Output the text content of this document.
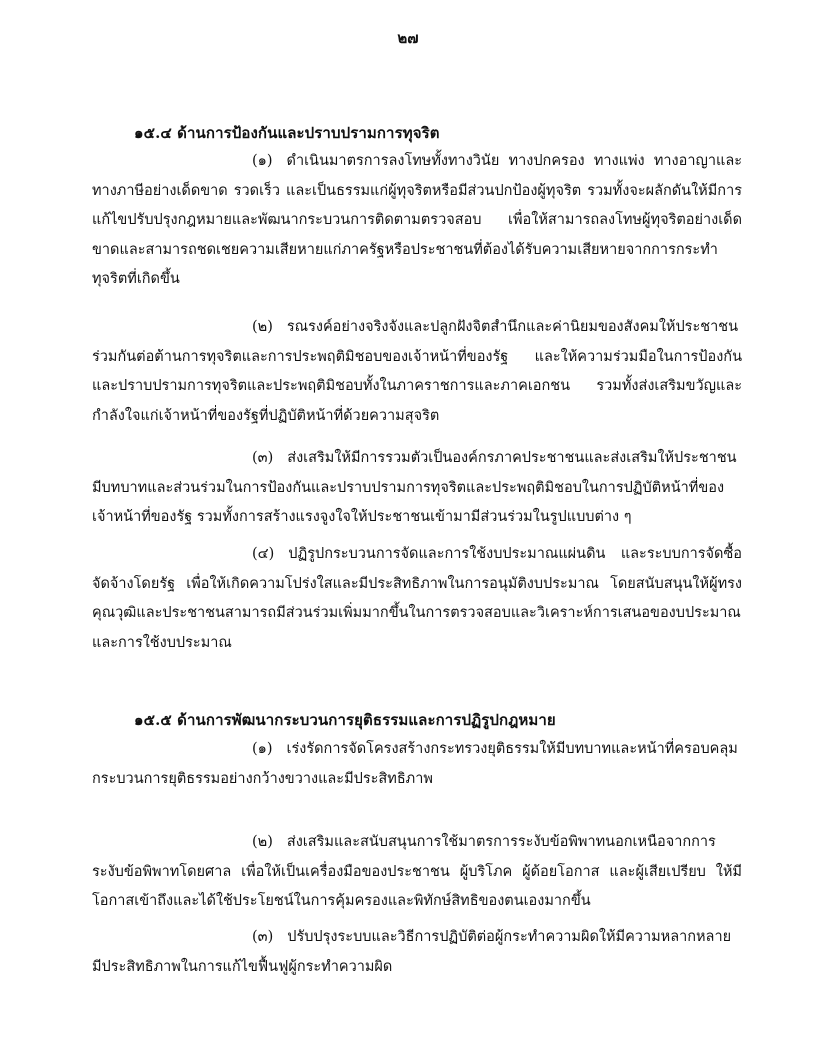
๒๗
๑๕.๔ ด้านการป้องกันและปราบปรามการทุจริต

(๑) ดำเนินมาตรการลงโทษทั้งทางวินัย ทางปกครอง ทางแพ่ง ทางอาญาและทางภาษีอย่างเด็ดขาด รวดเร็ว และเป็นธรรมแก่ผู้ทุจริตหรือมีส่วนปกป้องผู้ทุจริต รวมทั้งจะผลักดันให้มีการแก้ไขปรับปรุงกฎหมายและพัฒนากระบวนการติดตามตรวจสอบ เพื่อให้สามารถลงโทษผู้ทุจริตอย่างเด็ดขาดและสามารถชดเชยความเสียหายแก่ภาครัฐหรือประชาชนที่ต้องได้รับความเสียหายจากการกระทำทุจริตที่เกิดขึ้น

(๒) รณรงค์อย่างจริงจังและปลูกฝังจิตสำนึกและค่านิยมของสังคมให้ประชาชนร่วมกันต่อต้านการทุจริตและการประพฤติมิชอบของเจ้าหน้าที่ของรัฐ และให้ความร่วมมือในการป้องกันและปราบปรามการทุจริตและประพฤติมิชอบทั้งในภาคราชการและภาคเอกชน รวมทั้งส่งเสริมขวัญและกำลังใจแก่เจ้าหน้าที่ของรัฐที่ปฏิบัติหน้าที่ด้วยความสุจริต

(๓) ส่งเสริมให้มีการรวมตัวเป็นองค์กรภาคประชาชนและส่งเสริมให้ประชาชนมีบทบาทและส่วนร่วมในการป้องกันและปราบปรามการทุจริตและประพฤติมิชอบในการปฏิบัติหน้าที่ของเจ้าหน้าที่ของรัฐ รวมทั้งการสร้างแรงจูงใจให้ประชาชนเข้ามามีส่วนร่วมในรูปแบบต่าง ๆ

(๔) ปฏิรูปกระบวนการจัดและการใช้งบประมาณแผ่นดิน และระบบการจัดซื้อจัดจ้างโดยรัฐ เพื่อให้เกิดความโปร่งใสและมีประสิทธิภาพในการอนุมัติงบประมาณ โดยสนับสนุนให้ผู้ทรงคุณวุฒิและประชาชนสามารถมีส่วนร่วมเพิ่มมากขึ้นในการตรวจสอบและวิเคราะห์การเสนอของบประมาณและการใช้งบประมาณ

๑๕.๕ ด้านการพัฒนากระบวนการยุติธรรมและการปฏิรูปกฎหมาย

(๑) เร่งรัดการจัดโครงสร้างกระทรวงยุติธรรมให้มีบทบาทและหน้าที่ครอบคลุมกระบวนการยุติธรรมอย่างกว้างขวางและมีประสิทธิภาพ

(๒) ส่งเสริมและสนับสนุนการใช้มาตรการระงับข้อพิพาทนอกเหนือจากการระงับข้อพิพาทโดยศาล เพื่อให้เป็นเครื่องมือของประชาชน ผู้บริโภค ผู้ด้อยโอกาส และผู้เสียเปรียบ ให้มีโอกาสเข้าถึงและได้ใช้ประโยชน์ในการคุ้มครองและพิทักษ์สิทธิของตนเองมากขึ้น

(๓) ปรับปรุงระบบและวิธีการปฏิบัติต่อผู้กระทำความผิดให้มีความหลากหลาย มีประสิทธิภาพในการแก้ไขฟื้นฟูผู้กระทำความผิด
